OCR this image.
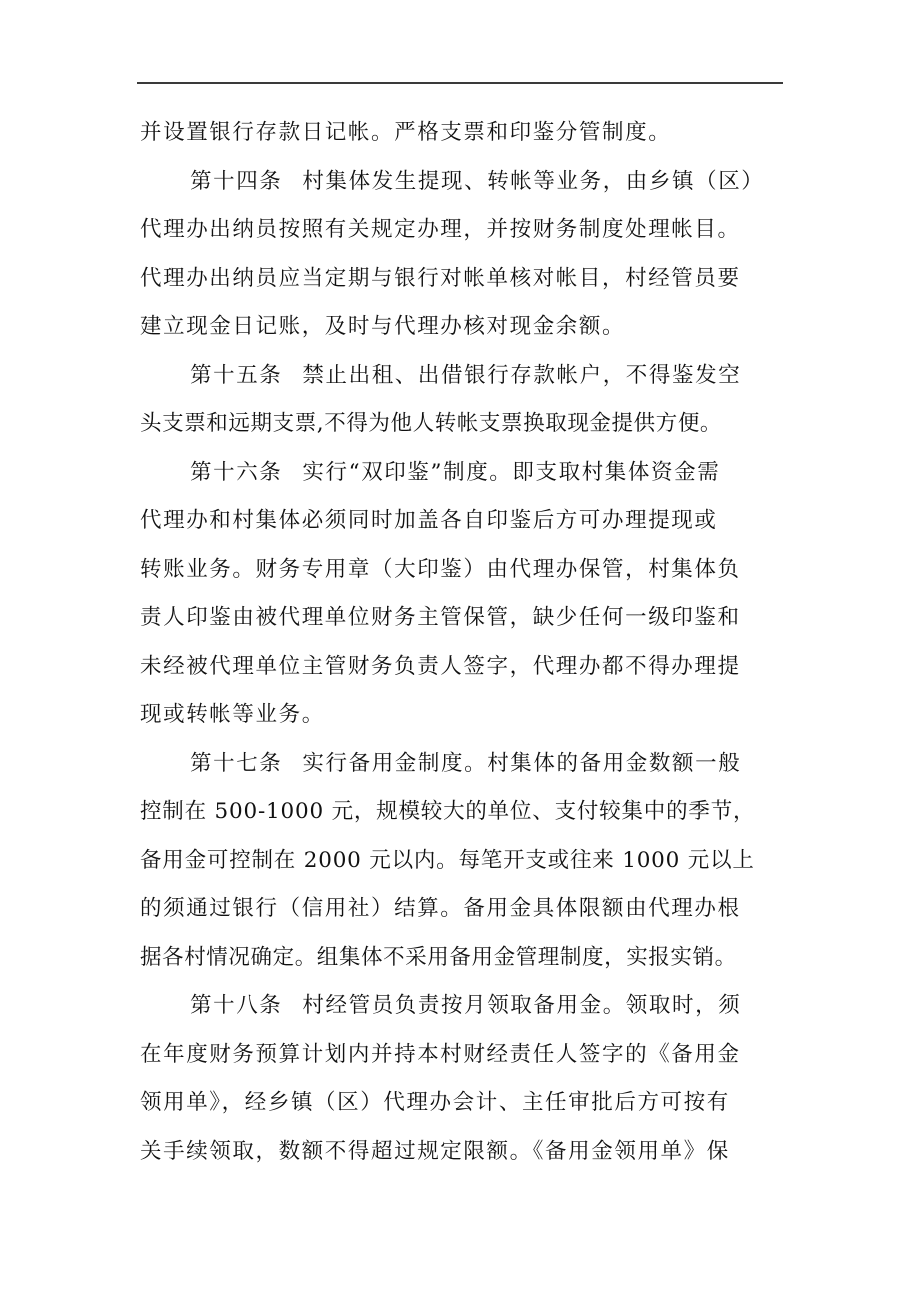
并设置银行存款日记帐。严格支票和印鉴分管制度。
第十四条 村集体发生提现、转帐等业务，由乡镇（区）
代理办出纳员按照有关规定办理，并按财务制度处理帐目。
代理办出纳员应当定期与银行对帐单核对帐目，村经管员要
建立现金日记账，及时与代理办核对现金余额。
第十五条 禁止出租、出借银行存款帐户，不得鉴发空
头支票和远期支票,不得为他人转帐支票换取现金提供方便。
第十六条 实行“双印鉴”制度。即支取村集体资金需
代理办和村集体必须同时加盖各自印鉴后方可办理提现或
转账业务。财务专用章（大印鉴）由代理办保管，村集体负
责人印鉴由被代理单位财务主管保管，缺少任何一级印鉴和
未经被代理单位主管财务负责人签字，代理办都不得办理提
现或转帐等业务。
第十七条 实行备用金制度。村集体的备用金数额一般
控制在 500-1000 元，规模较大的单位、支付较集中的季节，
备用金可控制在 2000 元以内。每笔开支或往来 1000 元以上
的须通过银行（信用社）结算。备用金具体限额由代理办根
据各村情况确定。组集体不采用备用金管理制度，实报实销。
第十八条 村经管员负责按月领取备用金。领取时，须
在年度财务预算计划内并持本村财经责任人签字的《备用金
领用单》，经乡镇（区）代理办会计、主任审批后方可按有
关手续领取，数额不得超过规定限额。《备用金领用单》保
